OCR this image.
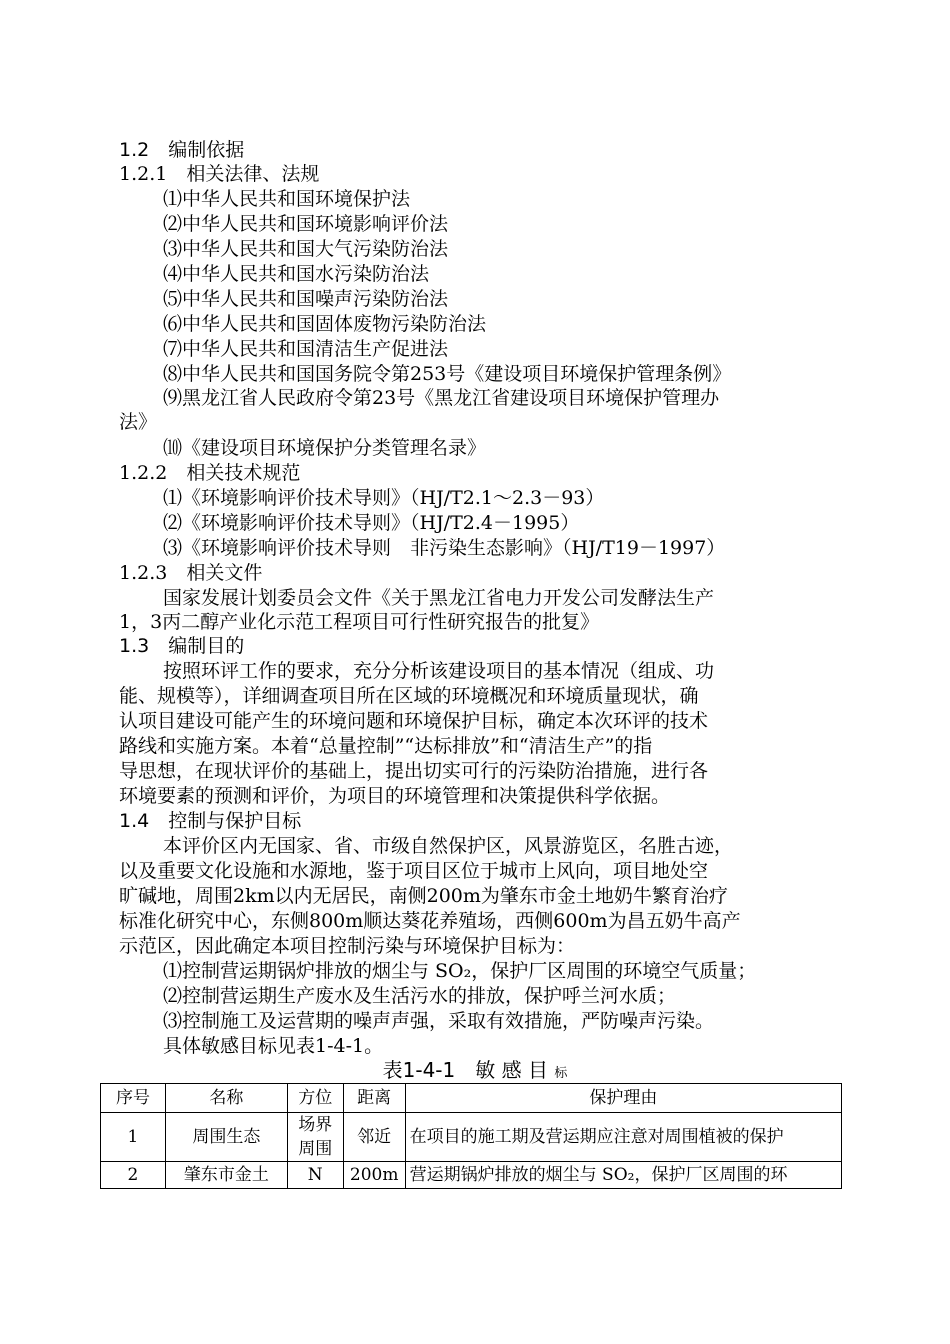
1.2　编制依据
1.2.1　相关法律、法规
⑴中华人民共和国环境保护法
⑵中华人民共和国环境影响评价法
⑶中华人民共和国大气污染防治法
⑷中华人民共和国水污染防治法
⑸中华人民共和国噪声污染防治法
⑹中华人民共和国固体废物污染防治法
⑺中华人民共和国清洁生产促进法
⑻中华人民共和国国务院令第253号《建设项目环境保护管理条例》
⑼黑龙江省人民政府令第23号《黑龙江省建设项目环境保护管理办
法》
⑽《建设项目环境保护分类管理名录》
1.2.2　相关技术规范
⑴《环境影响评价技术导则》（HJ/T2.1～2.3－93）
⑵《环境影响评价技术导则》（HJ/T2.4－1995）
⑶《环境影响评价技术导则　非污染生态影响》（HJ/T19－1997）
1.2.3　相关文件
国家发展计划委员会文件《关于黑龙江省电力开发公司发酵法生产
1，3丙二醇产业化示范工程项目可行性研究报告的批复》
1.3　编制目的
按照环评工作的要求，充分分析该建设项目的基本情况（组成、功
能、规模等），详细调查项目所在区域的环境概况和环境质量现状，确
认项目建设可能产生的环境问题和环境保护目标，确定本次环评的技术
路线和实施方案。本着“总量控制”“达标排放”和“清洁生产”的指
导思想，在现状评价的基础上，提出切实可行的污染防治措施，进行各
环境要素的预测和评价，为项目的环境管理和决策提供科学依据。
1.4　控制与保护目标
本评价区内无国家、省、市级自然保护区，风景游览区，名胜古迹，
以及重要文化设施和水源地，鉴于项目区位于城市上风向，项目地处空
旷碱地，周围2km以内无居民，南侧200m为肇东市金土地奶牛繁育治疗
标准化研究中心，东侧800m顺达葵花养殖场，西侧600m为昌五奶牛高产
示范区，因此确定本项目控制污染与环境保护目标为：
⑴控制营运期锅炉排放的烟尘与 SO₂，保护厂区周围的环境空气质量；
⑵控制营运期生产废水及生活污水的排放，保护呼兰河水质；
⑶控制施工及运营期的噪声声强，采取有效措施，严防噪声污染。
具体敏感目标见表1-4-1。
表1-4-1　敏 感 目 标
序号	名称	方位	距离	保护理由
1	周围生态	场界周围	邻近	在项目的施工期及营运期应注意对周围植被的保护
2	肇东市金土	N	200m	营运期锅炉排放的烟尘与 SO₂，保护厂区周围的环
